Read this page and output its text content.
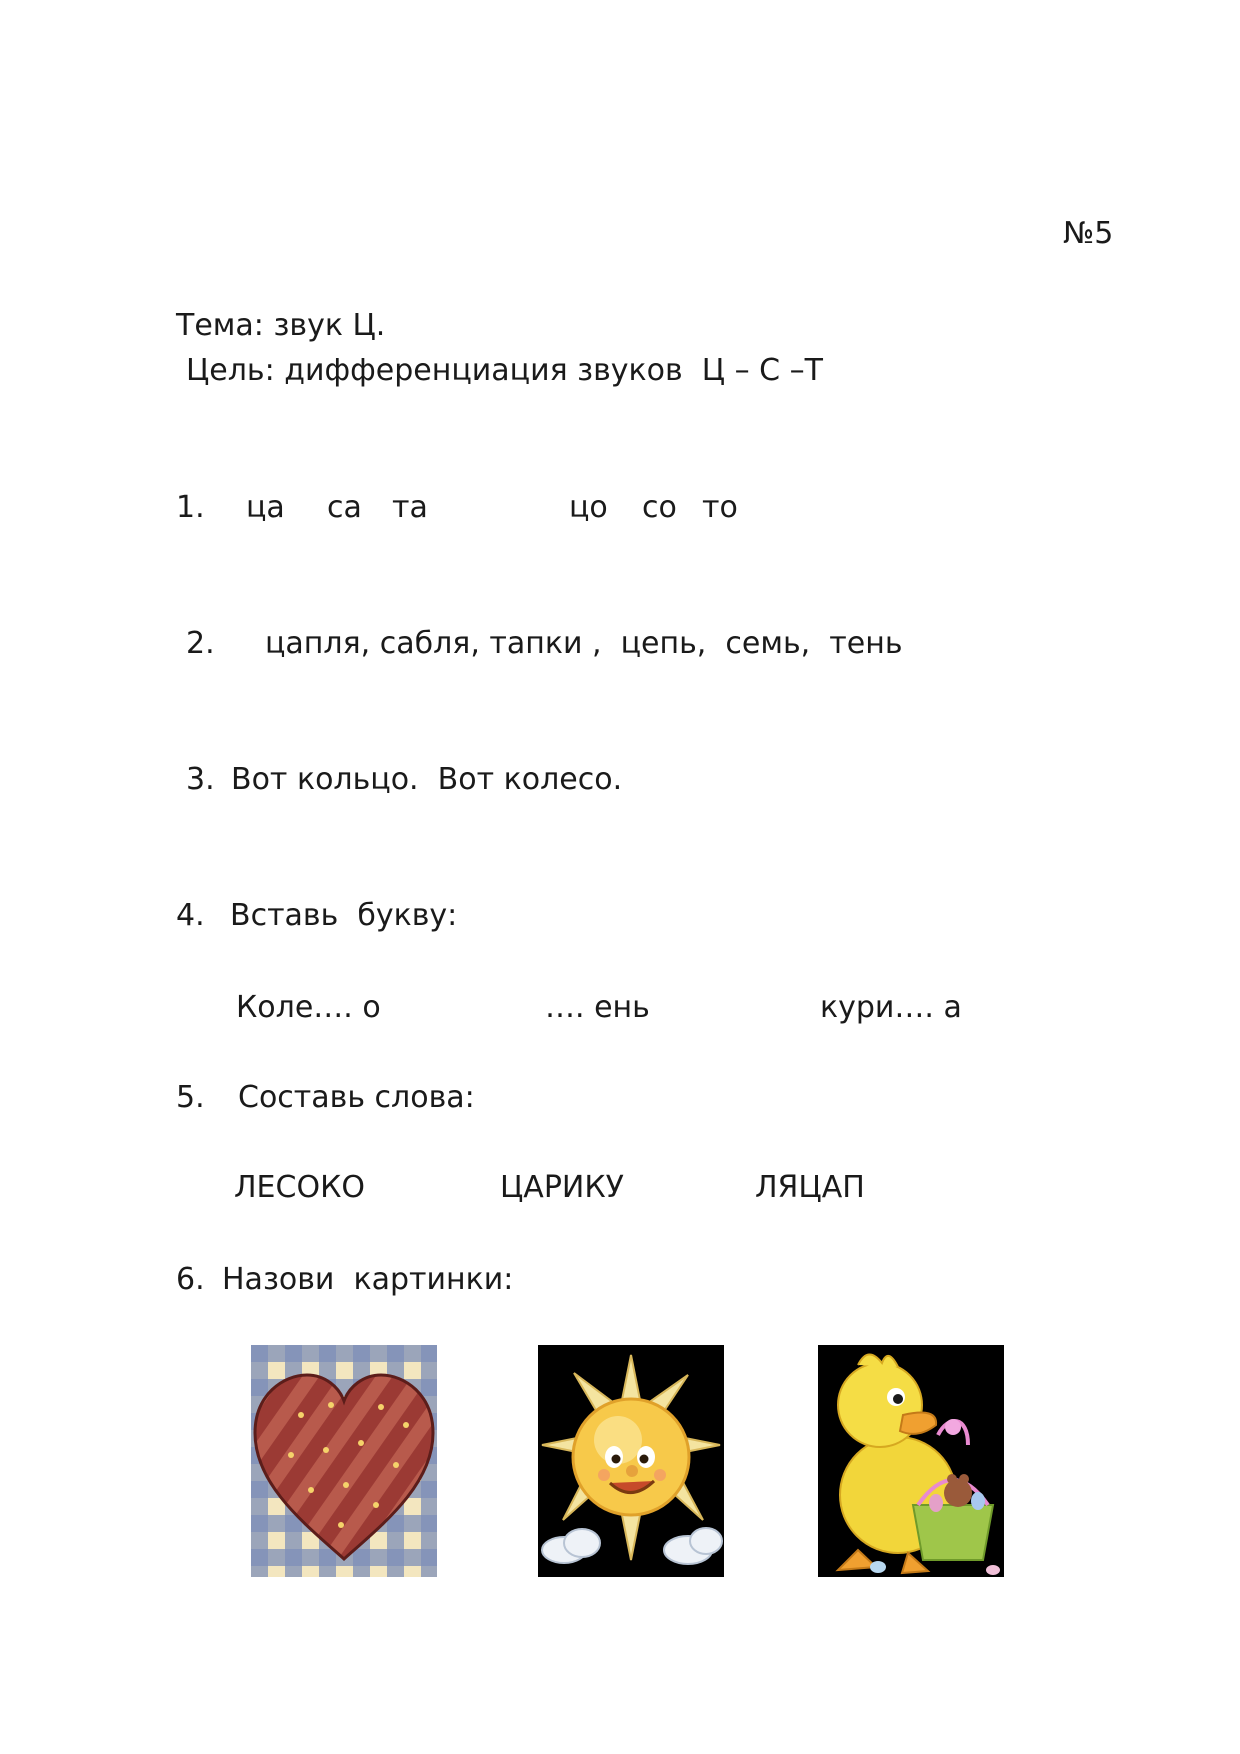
№5
Тема: звук Ц.
Цель: дифференциация звуков  Ц – С –Т
1. ца са та	цо со то
2. цапля, сабля, тапки ,  цепь,  семь,  тень
3. Вот кольцо.  Вот колесо.
4. Вставь  букву:
Коле…. о	…. ень	кури…. а
5. Составь слова:
ЛЕСОКО	ЦАРИКУ	ЛЯЦАП
6. Назови  картинки:
